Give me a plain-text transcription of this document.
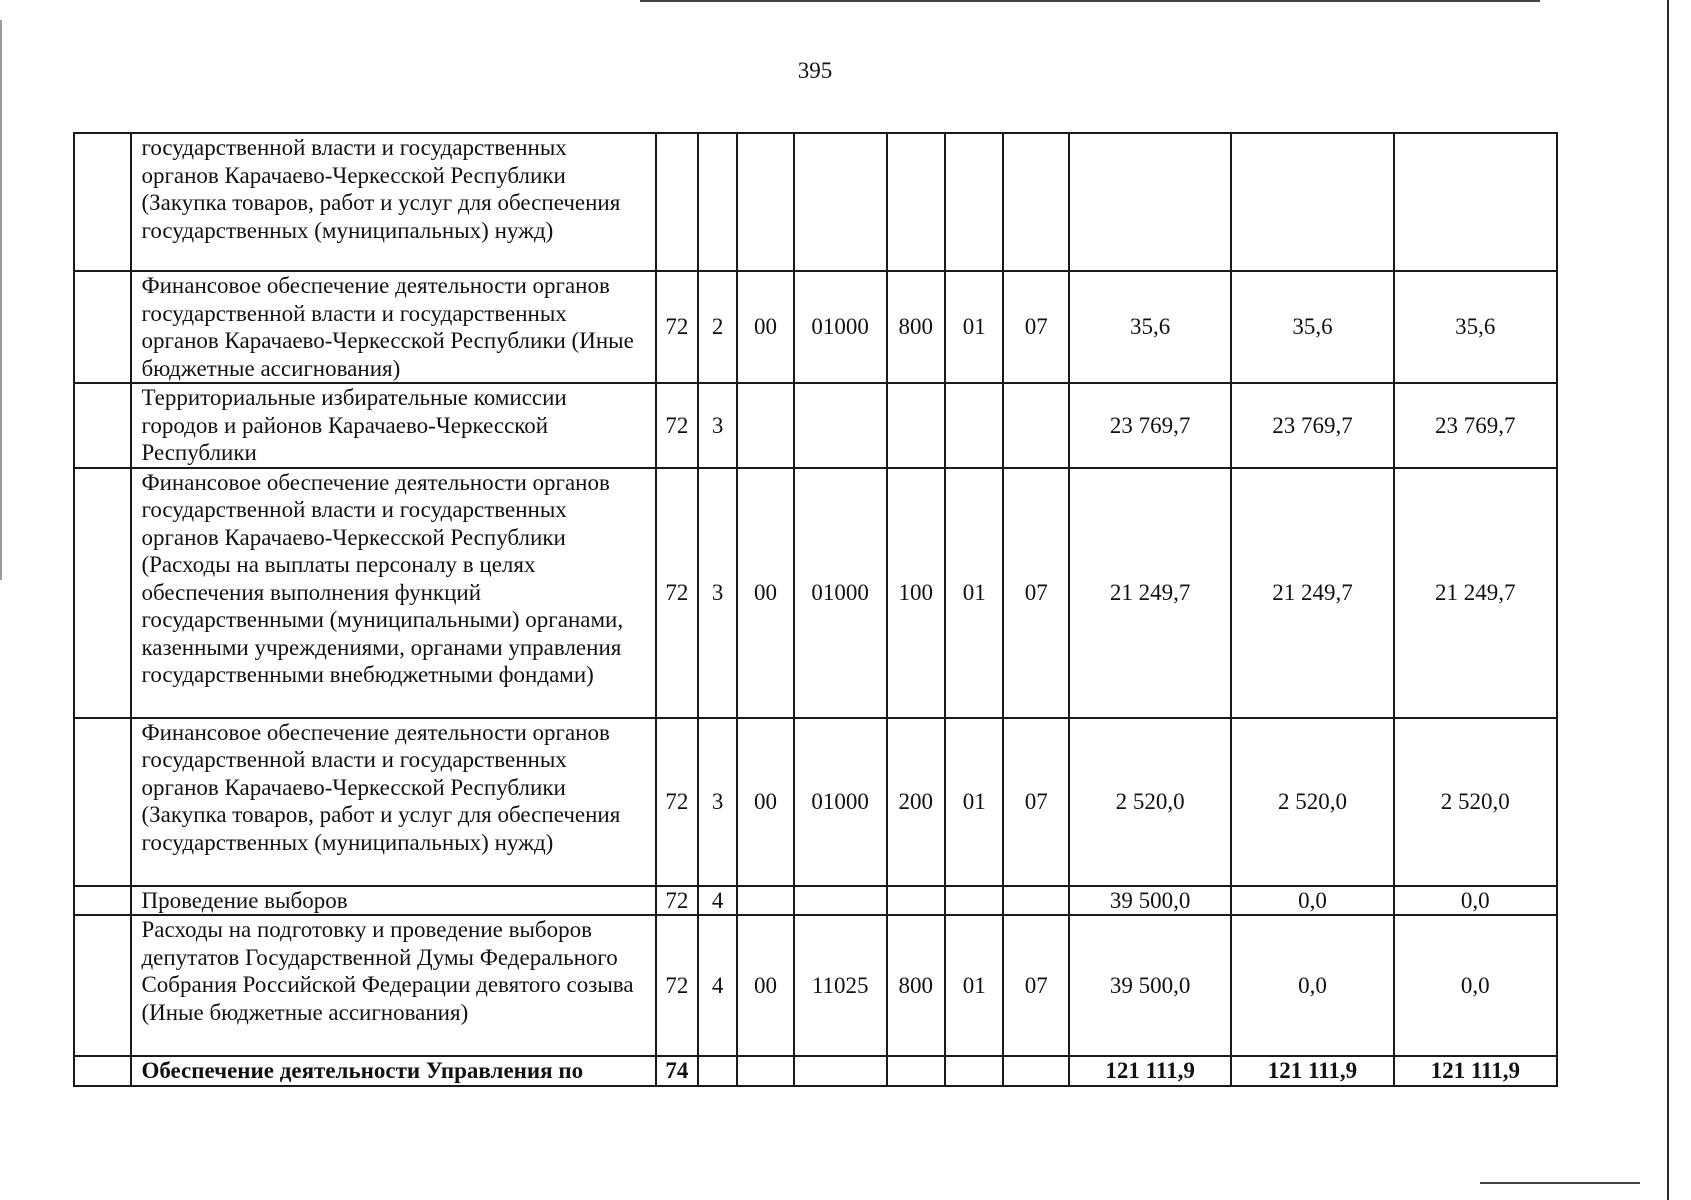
395
	государственной власти и государственных органов Карачаево-Черкесской Республики (Закупка товаров, работ и услуг для обеспечения государственных (муниципальных) нужд)										
	Финансовое обеспечение деятельности органов государственной власти и государственных органов Карачаево-Черкесской Республики (Иные бюджетные ассигнования)	72	2	00	01000	800	01	07	35,6	35,6	35,6
	Территориальные избирательные комиссии городов и районов Карачаево-Черкесской Республики	72	3						23 769,7	23 769,7	23 769,7
	Финансовое обеспечение деятельности органов государственной власти и государственных органов Карачаево-Черкесской Республики (Расходы на выплаты персоналу в целях обеспечения выполнения функций государственными (муниципальными) органами, казенными учреждениями, органами управления государственными внебюджетными фондами)	72	3	00	01000	100	01	07	21 249,7	21 249,7	21 249,7
	Финансовое обеспечение деятельности органов государственной власти и государственных органов Карачаево-Черкесской Республики (Закупка товаров, работ и услуг для обеспечения государственных (муниципальных) нужд)	72	3	00	01000	200	01	07	2 520,0	2 520,0	2 520,0
	Проведение выборов	72	4						39 500,0	0,0	0,0
	Расходы на подготовку и проведение выборов депутатов Государственной Думы Федерального Собрания Российской Федерации девятого созыва (Иные бюджетные ассигнования)	72	4	00	11025	800	01	07	39 500,0	0,0	0,0
	Обеспечение деятельности Управления по	74							121 111,9	121 111,9	121 111,9
